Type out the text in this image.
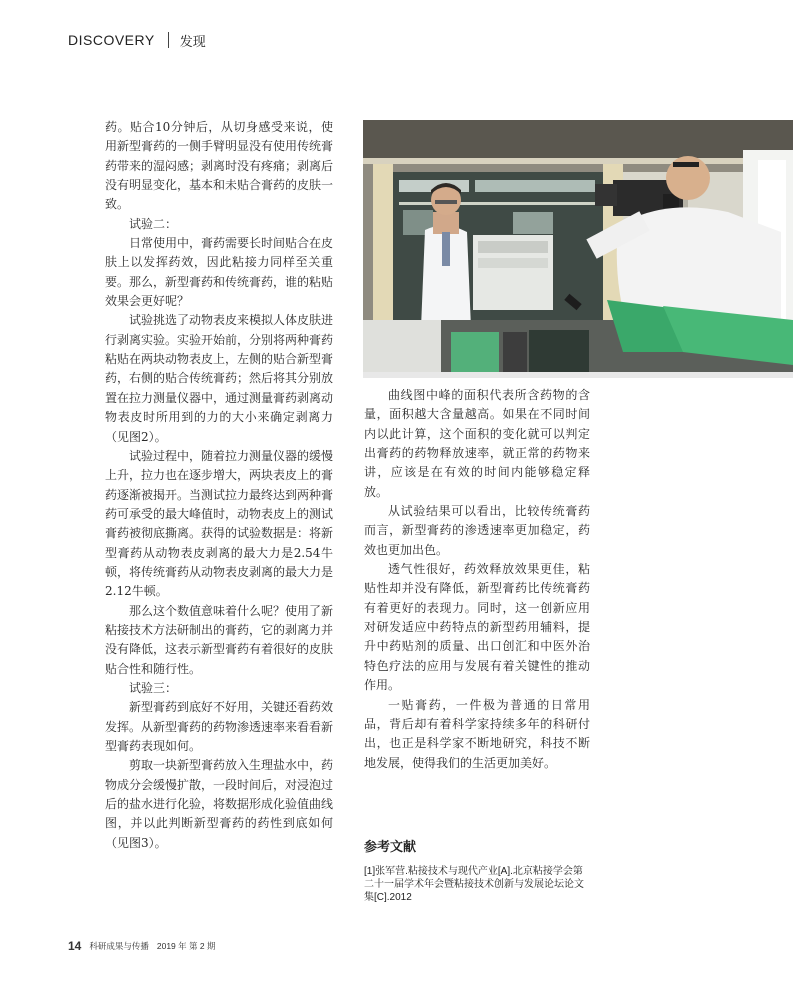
DISCOVERY 发现

药。贴合10分钟后，从切身感受来说，使用新型膏药的一侧手臂明显没有使用传统膏药带来的湿闷感；剥离时没有疼痛；剥离后没有明显变化，基本和未贴合膏药的皮肤一致。

试验二：

日常使用中，膏药需要长时间贴合在皮肤上以发挥药效，因此粘接力同样至关重要。那么，新型膏药和传统膏药，谁的粘贴效果会更好呢？

试验挑选了动物表皮来模拟人体皮肤进行剥离实验。实验开始前，分别将两种膏药粘贴在两块动物表皮上，左侧的贴合新型膏药，右侧的贴合传统膏药；然后将其分别放置在拉力测量仪器中，通过测量膏药剥离动物表皮时所用到的力的大小来确定剥离力（见图2）。

试验过程中，随着拉力测量仪器的缓慢上升，拉力也在逐步增大，两块表皮上的膏药逐渐被揭开。当测试拉力最终达到两种膏药可承受的最大峰值时，动物表皮上的测试膏药被彻底撕离。获得的试验数据是：将新型膏药从动物表皮剥离的最大力是2.54牛顿，将传统膏药从动物表皮剥离的最大力是2.12牛顿。

那么这个数值意味着什么呢？使用了新粘接技术方法研制出的膏药，它的剥离力并没有降低，这表示新型膏药有着很好的皮肤贴合性和随行性。

试验三：

新型膏药到底好不好用，关键还看药效发挥。从新型膏药的药物渗透速率来看看新型膏药表现如何。

剪取一块新型膏药放入生理盐水中，药物成分会缓慢扩散，一段时间后，对浸泡过后的盐水进行化验，将数据形成化验值曲线图，并以此判断新型膏药的药性到底如何（见图3）。

曲线图中峰的面积代表所含药物的含量，面积越大含量越高。如果在不同时间内以此计算，这个面积的变化就可以判定出膏药的药物释放速率，就正常的药物来讲，应该是在有效的时间内能够稳定释放。

从试验结果可以看出，比较传统膏药而言，新型膏药的渗透速率更加稳定，药效也更加出色。

透气性很好，药效释放效果更佳，粘贴性却并没有降低，新型膏药比传统膏药有着更好的表现力。同时，这一创新应用对研发适应中药特点的新型药用辅料，提升中药贴剂的质量、出口创汇和中医外治特色疗法的应用与发展有着关键性的推动作用。

一贴膏药，一件极为普通的日常用品，背后却有着科学家持续多年的科研付出，也正是科学家不断地研究，科技不断地发展，使得我们的生活更加美好。

参考文献

[1]张军营.粘接技术与现代产业[A].北京粘接学会第二十一届学术年会暨粘接技术创新与发展论坛论文集[C].2012

14 科研成果与传播 2019 年 第 2 期
